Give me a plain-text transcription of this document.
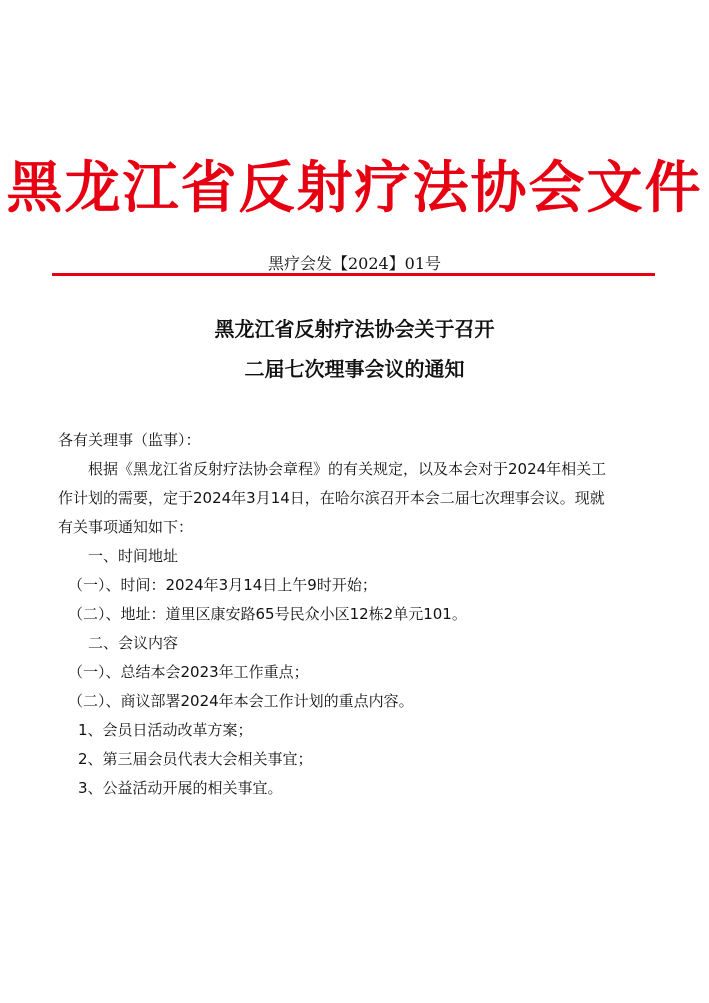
黑龙江省反射疗法协会文件
黑疗会发【2024】01号
黑龙江省反射疗法协会关于召开
二届七次理事会议的通知
各有关理事（监事）：
根据《黑龙江省反射疗法协会章程》的有关规定，以及本会对于2024年相关工
作计划的需要，定于2024年3月14日，在哈尔滨召开本会二届七次理事会议。现就
有关事项通知如下：
一、时间地址
（一）、时间：2024年3月14日上午9时开始；
（二）、地址：道里区康安路65号民众小区12栋2单元101。
二、会议内容
（一）、总结本会2023年工作重点；
（二）、商议部署2024年本会工作计划的重点内容。
1、会员日活动改革方案；
2、第三届会员代表大会相关事宜；
3、公益活动开展的相关事宜。
